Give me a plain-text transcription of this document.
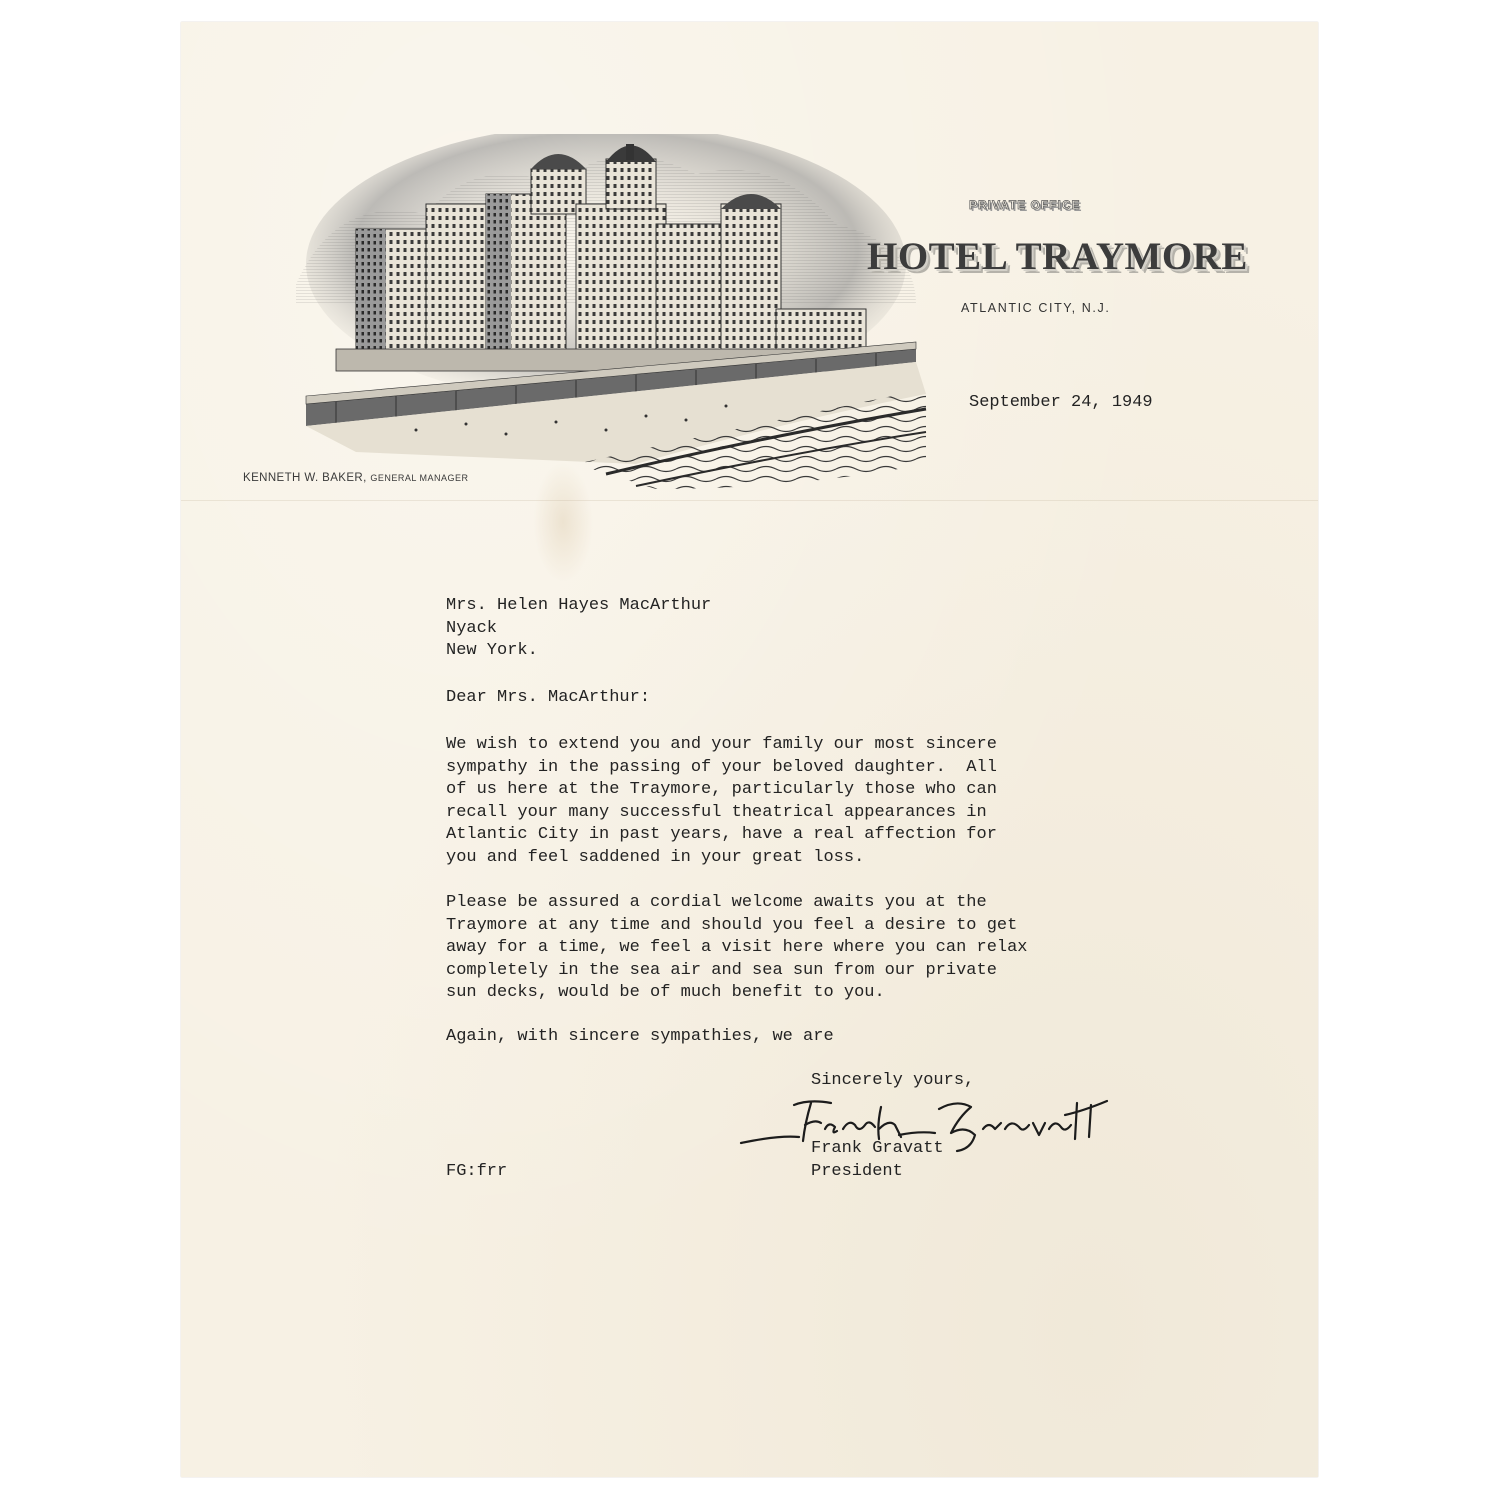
KENNETH W. BAKER, GENERAL MANAGER
PRIVATE OFFICE
HOTEL TRAYMORE
ATLANTIC CITY, N.J.
September 24, 1949
Mrs. Helen Hayes MacArthur
Nyack
New York.
Dear Mrs. MacArthur:
We wish to extend you and your family our most sincere
sympathy in the passing of your beloved daughter.  All
of us here at the Traymore, particularly those who can
recall your many successful theatrical appearances in
Atlantic City in past years, have a real affection for
you and feel saddened in your great loss.
Please be assured a cordial welcome awaits you at the
Traymore at any time and should you feel a desire to get
away for a time, we feel a visit here where you can relax
completely in the sea air and sea sun from our private
sun decks, would be of much benefit to you.
Again, with sincere sympathies, we are
Sincerely yours,
Frank Gravatt
President
FG:frr
